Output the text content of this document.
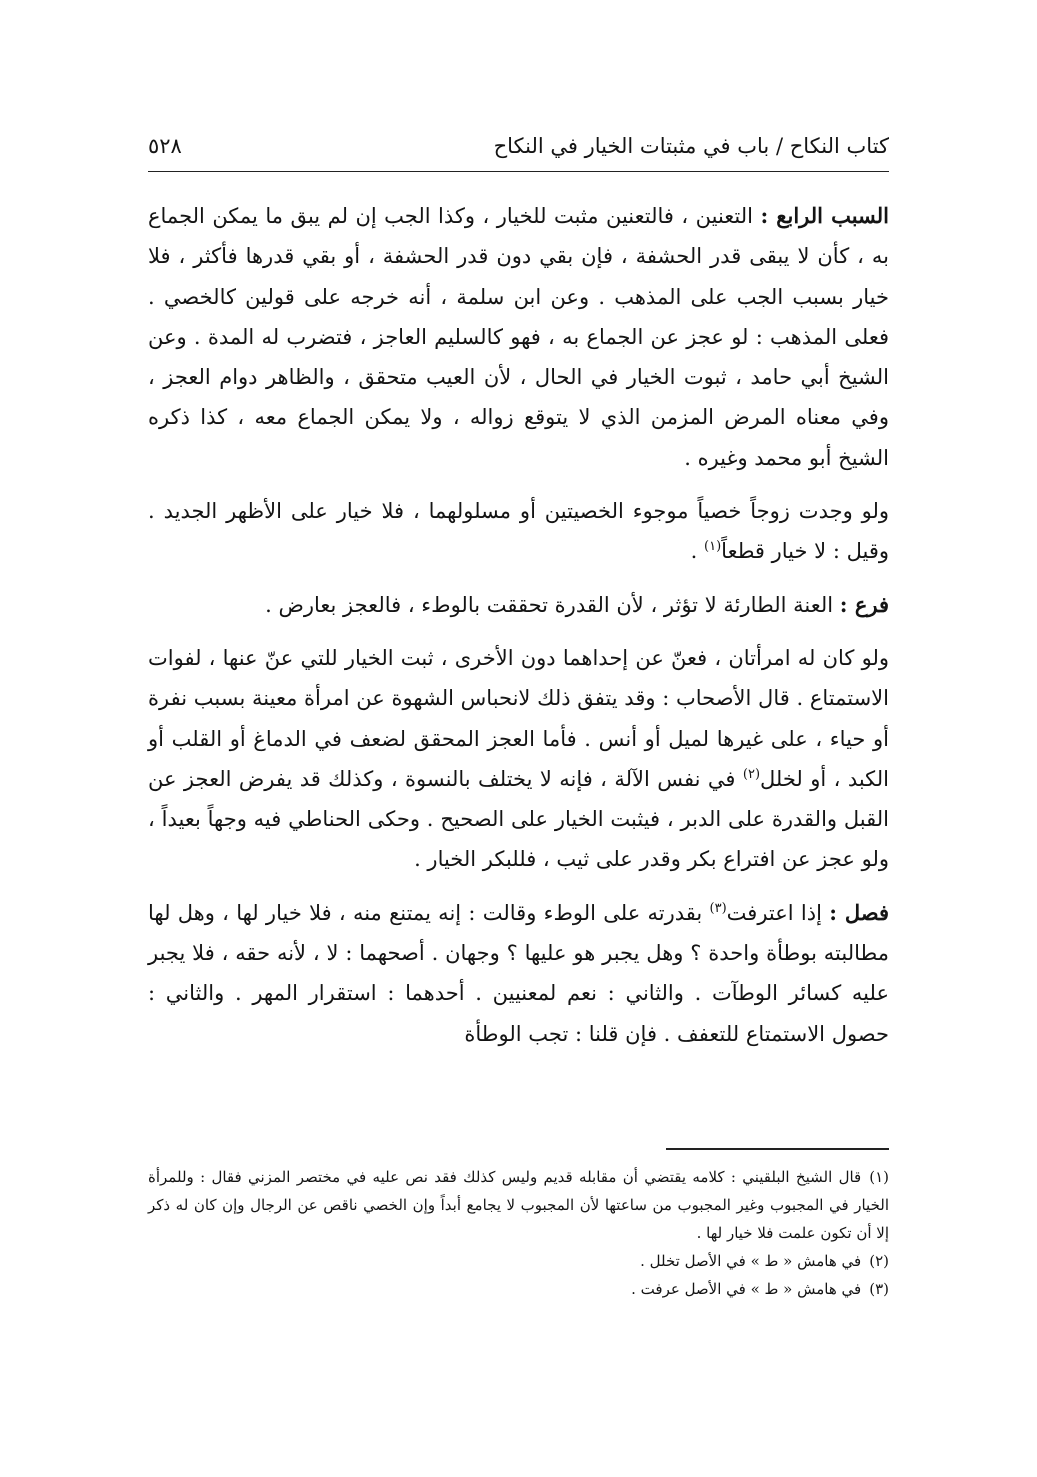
كتاب النكاح / باب في مثبتات الخيار في النكاح
٥٢٨

السبب الرابع : التعنين ، فالتعنين مثبت للخيار ، وكذا الجب إن لم يبق ما يمكن الجماع به ، كأن لا يبقى قدر الحشفة ، فإن بقي دون قدر الحشفة ، أو بقي قدرها فأكثر ، فلا خيار بسبب الجب على المذهب . وعن ابن سلمة ، أنه خرجه على قولين كالخصي . فعلى المذهب : لو عجز عن الجماع به ، فهو كالسليم العاجز ، فتضرب له المدة . وعن الشيخ أبي حامد ، ثبوت الخيار في الحال ، لأن العيب متحقق ، والظاهر دوام العجز ، وفي معناه المرض المزمن الذي لا يتوقع زواله ، ولا يمكن الجماع معه ، كذا ذكره الشيخ أبو محمد وغيره .

ولو وجدت زوجاً خصياً موجوء الخصيتين أو مسلولهما ، فلا خيار على الأظهر الجديد . وقيل : لا خيار قطعاً$^{(١)}$ .

فرع : العنة الطارئة لا تؤثر ، لأن القدرة تحققت بالوطء ، فالعجز بعارض .

ولو كان له امرأتان ، فعنّ عن إحداهما دون الأخرى ، ثبت الخيار للتي عنّ عنها ، لفوات الاستمتاع . قال الأصحاب : وقد يتفق ذلك لانحباس الشهوة عن امرأة معينة بسبب نفرة أو حياء ، على غيرها لميل أو أنس . فأما العجز المحقق لضعف في الدماغ أو القلب أو الكبد ، أو لخلل$^{(٢)}$ في نفس الآلة ، فإنه لا يختلف بالنسوة ، وكذلك قد يفرض العجز عن القبل والقدرة على الدبر ، فيثبت الخيار على الصحيح . وحكى الحناطي فيه وجهاً بعيداً ، ولو عجز عن افتراع بكر وقدر على ثيب ، فللبكر الخيار .

فصل : إذا اعترفت$^{(٣)}$ بقدرته على الوطء وقالت : إنه يمتنع منه ، فلا خيار لها ، وهل لها مطالبته بوطأة واحدة ؟ وهل يجبر هو عليها ؟ وجهان . أصحهما : لا ، لأنه حقه ، فلا يجبر عليه كسائر الوطآت . والثاني : نعم لمعنيين . أحدهما : استقرار المهر . والثاني : حصول الاستمتاع للتعفف . فإن قلنا : تجب الوطأة

(١)قال الشيخ البلقيني : كلامه يقتضي أن مقابله قديم وليس كذلك فقد نص عليه في مختصر المزني فقال : وللمرأة الخيار في المجبوب وغير المجبوب من ساعتها لأن المجبوب لا يجامع أبداً وإن الخصي ناقص عن الرجال وإن كان له ذكر إلا أن تكون علمت فلا خيار لها .

(٢)في هامش « ط » في الأصل تخلل .

(٣)في هامش « ط » في الأصل عرفت .
